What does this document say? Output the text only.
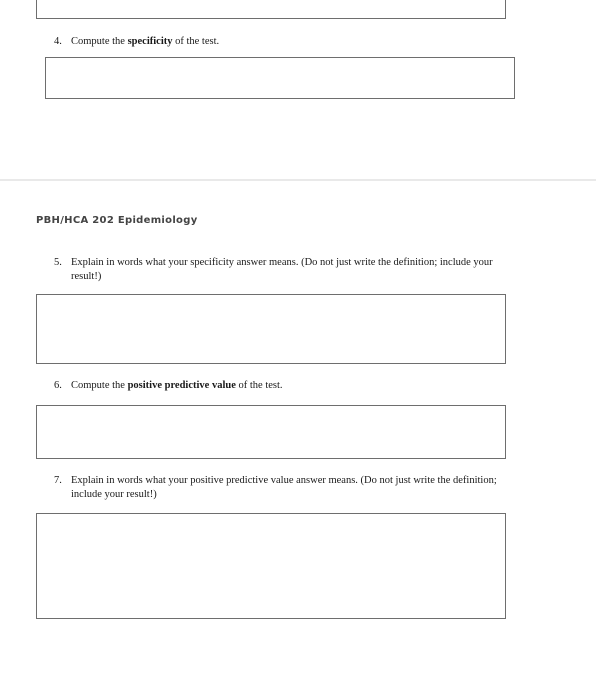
4. Compute the specificity of the test.
PBH/HCA 202 Epidemiology
5. Explain in words what your specificity answer means. (Do not just write the definition; include your result!)
6. Compute the positive predictive value of the test.
7. Explain in words what your positive predictive value answer means. (Do not just write the definition; include your result!)
